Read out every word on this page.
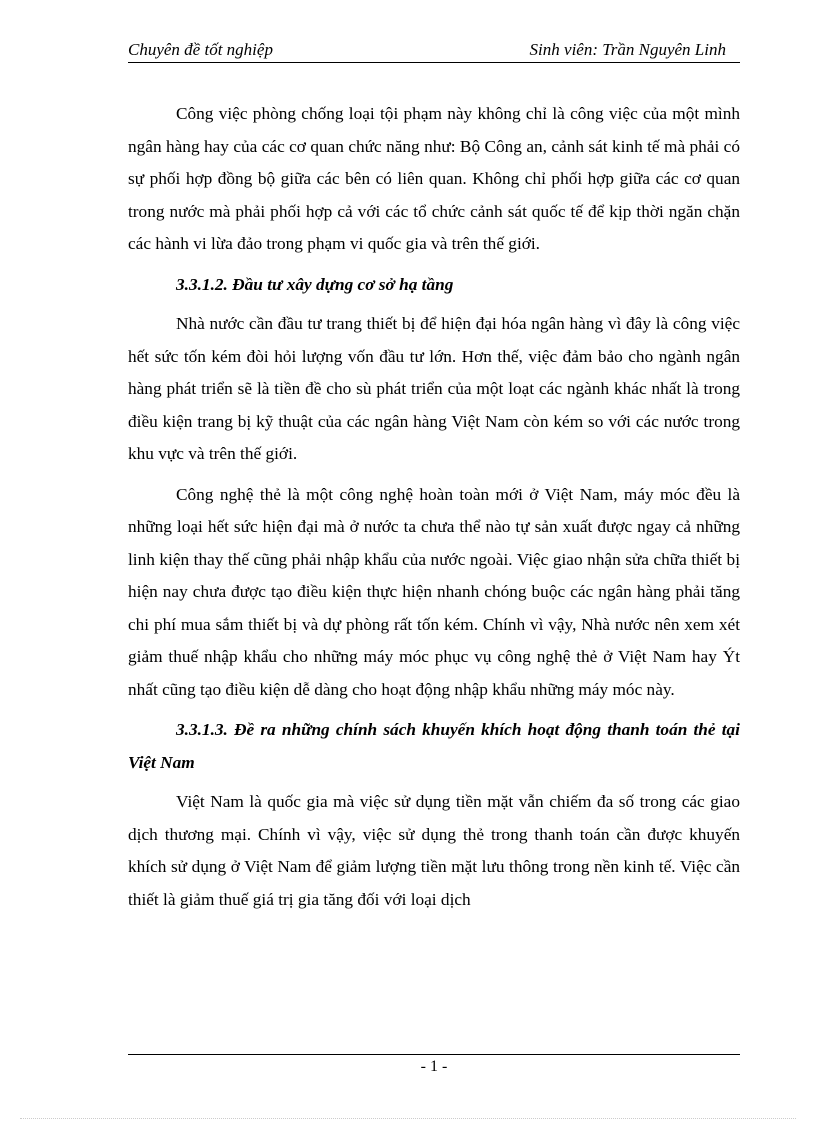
Chuyên đề tốt nghiệp	Sinh viên: Trần Nguyên Linh

Công việc phòng chống loại tội phạm này không chỉ là công việc của một mình ngân hàng hay của các cơ quan chức năng như: Bộ Công an, cảnh sát kinh tế mà phải có sự phối hợp đồng bộ giữa các bên có liên quan. Không chỉ phối hợp giữa các cơ quan trong nước mà phải phối hợp cả với các tổ chức cảnh sát quốc tế để kịp thời ngăn chặn các hành vi lừa đảo trong phạm vi quốc gia và trên thế giới.

3.3.1.2. Đầu tư xây dựng cơ sở hạ tầng

Nhà nước cần đầu tư trang thiết bị để hiện đại hóa ngân hàng vì đây là công việc hết sức tốn kém đòi hỏi lượng vốn đầu tư lớn. Hơn thế, việc đảm bảo cho ngành ngân hàng phát triển sẽ là tiền đề cho sù phát triển của một loạt các ngành khác nhất là trong điều kiện trang bị kỹ thuật của các ngân hàng Việt Nam còn kém so với các nước trong khu vực và trên thế giới.

Công nghệ thẻ là một công nghệ hoàn toàn mới ở Việt Nam, máy móc đều là những loại hết sức hiện đại mà ở nước ta chưa thể nào tự sản xuất được ngay cả những linh kiện thay thế cũng phải nhập khẩu của nước ngoài. Việc giao nhận sửa chữa thiết bị hiện nay chưa được tạo điều kiện thực hiện nhanh chóng buộc các ngân hàng phải tăng chi phí mua sắm thiết bị và dự phòng rất tốn kém. Chính vì vậy, Nhà nước nên xem xét giảm thuế nhập khẩu cho những máy móc phục vụ công nghệ thẻ ở Việt Nam hay Ýt nhất cũng tạo điều kiện dễ dàng cho hoạt động nhập khẩu những máy móc này.

3.3.1.3. Đề ra những chính sách khuyến khích hoạt động thanh toán thẻ tại Việt Nam

Việt Nam là quốc gia mà việc sử dụng tiền mặt vẫn chiếm đa số trong các giao dịch thương mại. Chính vì vậy, việc sử dụng thẻ trong thanh toán cần được khuyến khích sử dụng ở Việt Nam để giảm lượng tiền mặt lưu thông trong nền kinh tế. Việc cần thiết là giảm thuế giá trị gia tăng đối với loại dịch

- 1 -
